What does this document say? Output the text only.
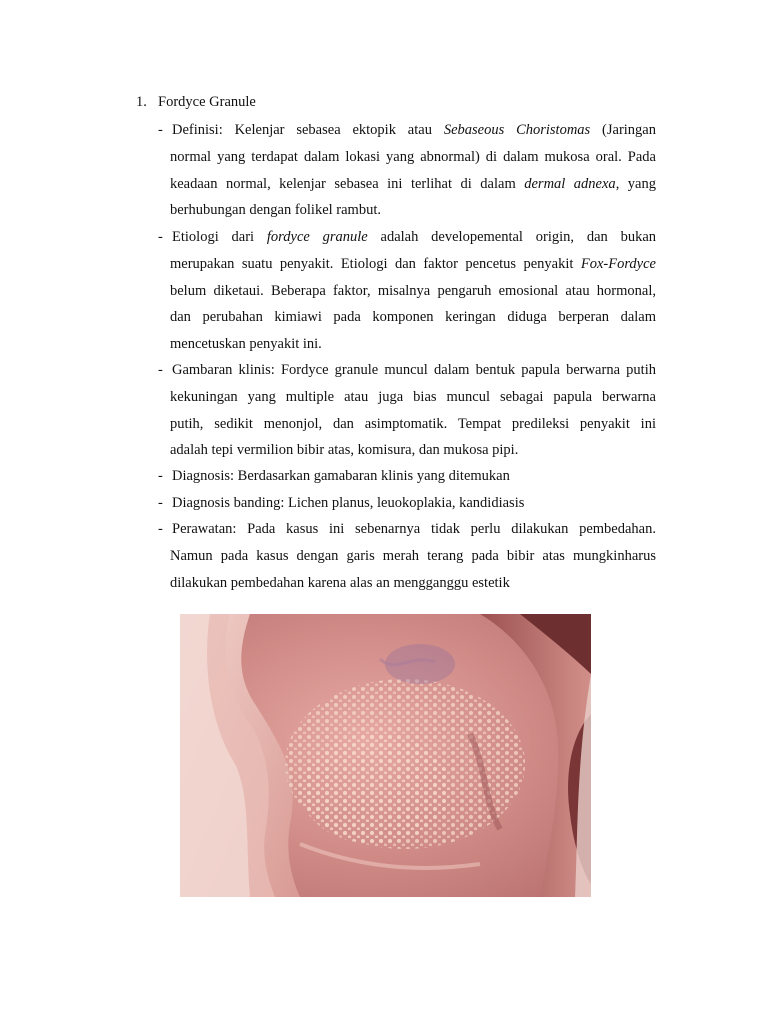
1. Fordyce Granule
- Definisi: Kelenjar sebasea ektopik atau Sebaseous Choristomas (Jaringan
normal yang terdapat dalam lokasi yang abnormal) di dalam mukosa oral. Pada
keadaan normal, kelenjar sebasea ini terlihat di dalam dermal adnexa, yang
berhubungan dengan folikel rambut.
- Etiologi dari fordyce granule adalah developemental origin, dan bukan
merupakan suatu penyakit. Etiologi dan faktor pencetus penyakit Fox-Fordyce
belum diketaui. Beberapa faktor, misalnya pengaruh emosional atau hormonal,
dan perubahan kimiawi pada komponen keringan diduga berperan dalam
mencetuskan penyakit ini.
- Gambaran klinis: Fordyce granule muncul dalam bentuk papula berwarna putih
kekuningan yang multiple atau juga bias muncul sebagai papula berwarna
putih, sedikit menonjol, dan asimptomatik. Tempat predileksi penyakit ini
adalah tepi vermilion bibir atas, komisura, dan mukosa pipi.
- Diagnosis: Berdasarkan gamabaran klinis yang ditemukan
- Diagnosis banding: Lichen planus, leuokoplakia, kandidiasis
- Perawatan: Pada kasus ini sebenarnya tidak perlu dilakukan pembedahan.
Namun pada kasus dengan garis merah terang pada bibir atas mungkinharus
dilakukan pembedahan karena alas an mengganggu estetik
